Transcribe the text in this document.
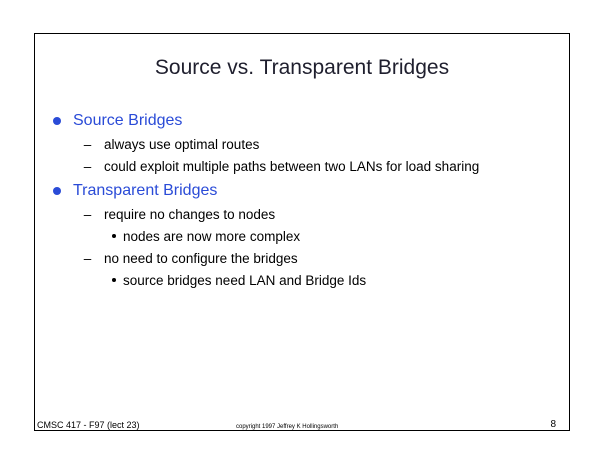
Source vs. Transparent Bridges
Source Bridges
– always use optimal routes
– could exploit multiple paths between two LANs for load sharing
Transparent Bridges
– require no changes to nodes
nodes are now more complex
– no need to configure the bridges
source bridges need LAN and Bridge Ids
CMSC 417 - F97 (lect 23)	copyright 1997 Jeffrey K Hollingsworth	8
